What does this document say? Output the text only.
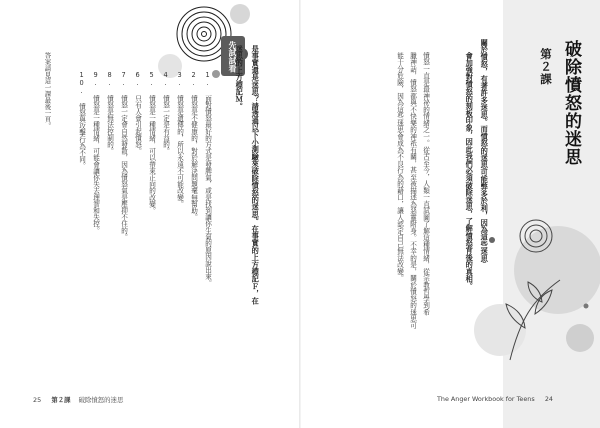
先試試看 是事實還是迷思？請透過以下小測驗來破除憤怒的迷思。在事實的上方標記Ｆ，在
迷思的上方標記Ｍ。
1. 面對憤怒最好的方式是發脾氣，或是找到讓你生氣的原因說出來。
2. 憤怒是不健康的，對於解決問題毫無幫助。
3. 憤怒是遺傳的，所以永遠不可能改變。
4. 憤怒一定是有益的。
5. 憤怒是一種情緒，可以帶來正向的改變。
6. 只有人會引起憤怒。
7. 憤怒一定會自然發散，因為憤怒氣是壓抑不住的。
8. 憤怒是無法控制的。
9. 憤怒是一種情緒，可能會讓你失去理智和失控。
10. 憤怒與攻擊行為不同。
答案請見這一課最後一頁。
25 第２課 破除憤怒的迷思
第２課 破除憤怒的迷思
關於憤怒，有著許多迷思。而憤怒的迷思可能弊多於利，因為這些迷思
會加強對憤怒的刻板印象，因此我們必須破除迷思，了解憤怒背後的真相。
憤怒一直是最神祕的情緒之一。從古至今，人類一直試圖了解這種情緒，從宗教哲學到希
臘神話，憤怒都與不快樂的神祇有關，甚至被描述為惡靈附身。不幸的是，關於憤怒的迷思可
能十分危險，因為這些迷思會成為不良行為的藉口，讓人認定自己無法改變。
The Anger Workbook for Teens 24
